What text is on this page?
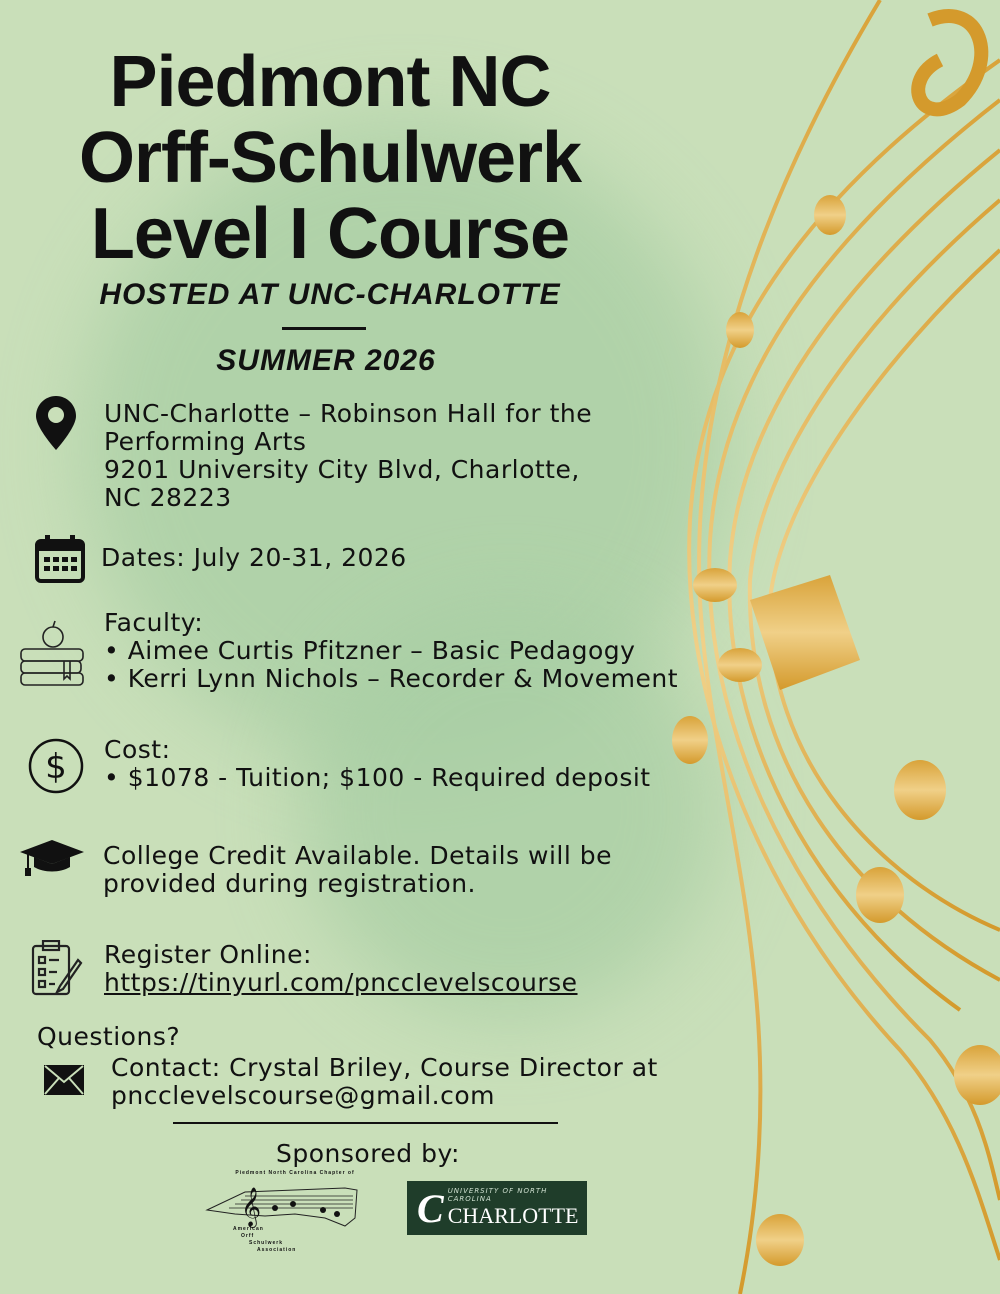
Piedmont NC
Orff-Schulwerk
Level I Course
HOSTED AT UNC-CHARLOTTE
SUMMER 2026
UNC-Charlotte – Robinson Hall for the
Performing Arts
9201 University City Blvd, Charlotte,
NC 28223
Dates: July 20-31, 2026
Faculty:
• Aimee Curtis Pfitzner – Basic Pedagogy
• Kerri Lynn Nichols – Recorder & Movement
$ Cost:
• $1078 - Tuition; $100 - Required deposit
College Credit Available. Details will be
provided during registration.
Register Online:
https://tinyurl.com/pnccIevelscourse
Questions?
Contact: Crystal Briley, Course Director at
pncclevelscourse@gmail.com
Sponsored by:
𝄞
Piedmont North Carolina Chapter of
American
Orff
Schulwerk
Association
C UNIVERSITY OF NORTH CAROLINA
CHARLOTTE
